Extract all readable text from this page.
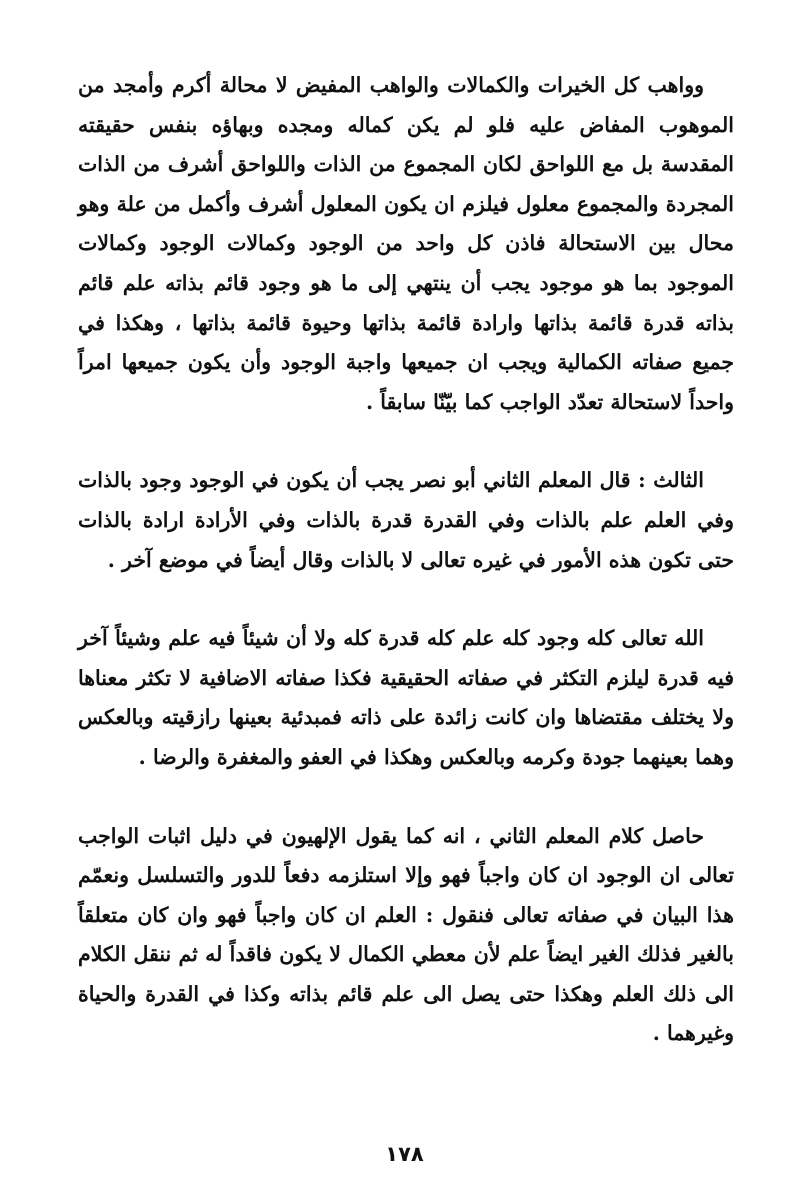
وواهب كل الخيرات والكمالات والواهب المفيض لا محالة أكرم وأمجد من الموهوب المفاض عليه فلو لم يكن كماله ومجده وبهاؤه بنفس حقيقته المقدسة بل مع اللواحق لكان المجموع من الذات واللواحق أشرف من الذات المجردة والمجموع معلول فيلزم ان يكون المعلول أشرف وأكمل من علة وهو محال بين الاستحالة فاذن كل واحد من الوجود وكمالات الوجود وكمالات الموجود بما هو موجود يجب أن ينتهي إلى ما هو وجود قائم بذاته علم قائم بذاته قدرة قائمة بذاتها وارادة قائمة بذاتها وحيوة قائمة بذاتها ، وهكذا في جميع صفاته الكمالية ويجب ان جميعها واجبة الوجود وأن يكون جميعها امراً واحداً لاستحالة تعدّد الواجب كما بيّنّا سابقاً .

الثالث : قال المعلم الثاني أبو نصر يجب أن يكون في الوجود وجود بالذات وفي العلم علم بالذات وفي القدرة قدرة بالذات وفي الأرادة ارادة بالذات حتى تكون هذه الأمور في غيره تعالى لا بالذات وقال أيضاً في موضع آخر .

الله تعالى كله وجود كله علم كله قدرة كله ولا أن شيئاً فيه علم وشيئاً آخر فيه قدرة ليلزم التكثر في صفاته الحقيقية فكذا صفاته الاضافية لا تكثر معناها ولا يختلف مقتضاها وان كانت زائدة على ذاته فمبدئية بعينها رازقيته وبالعكس وهما بعينهما جودة وكرمه وبالعكس وهكذا في العفو والمغفرة والرضا .

حاصل كلام المعلم الثاني ، انه كما يقول الإلهيون في دليل اثبات الواجب تعالى ان الوجود ان كان واجباً فهو وإلا استلزمه دفعاً للدور والتسلسل ونعمّم هذا البيان في صفاته تعالى فنقول : العلم ان كان واجباً فهو وان كان متعلقاً بالغير فذلك الغير ايضاً علم لأن معطي الكمال لا يكون فاقداً له ثم ننقل الكلام الى ذلك العلم وهكذا حتى يصل الى علم قائم بذاته وكذا في القدرة والحياة وغيرهما .

١٧٨
